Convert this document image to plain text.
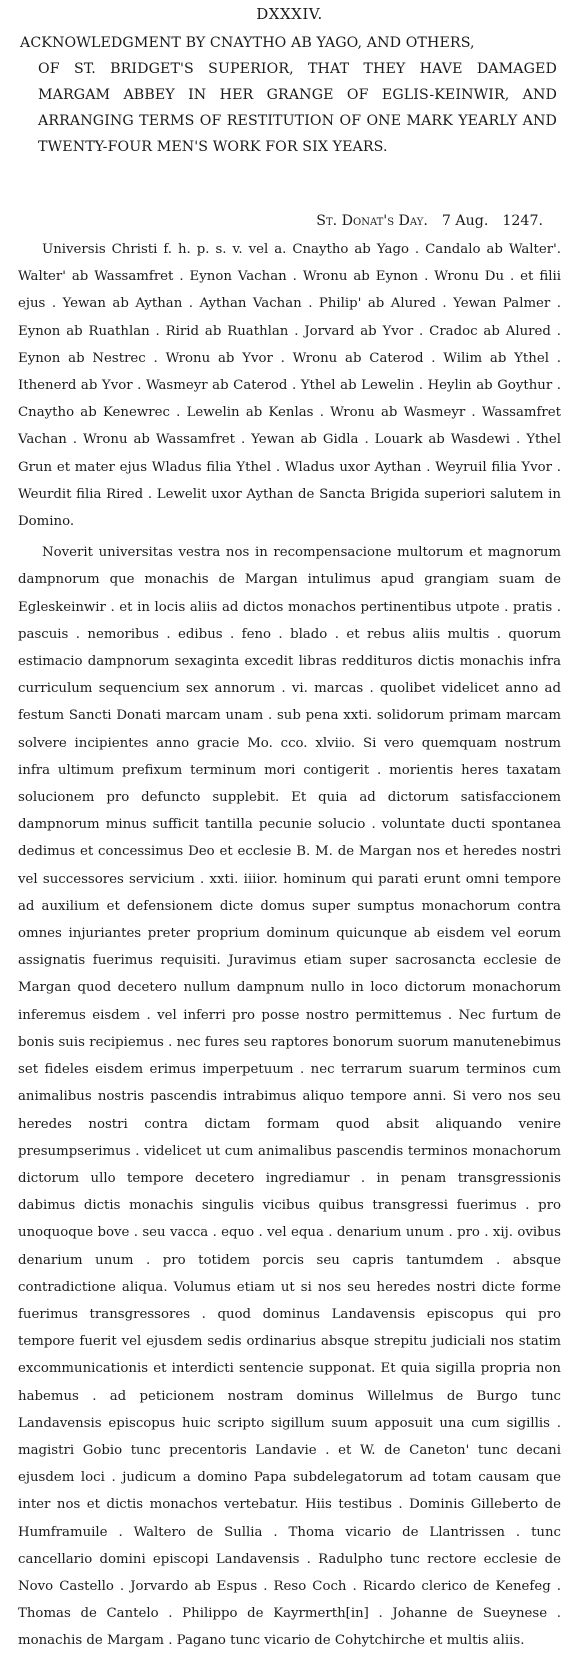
DXXXIV.
ACKNOWLEDGMENT BY CNAYTHO AB YAGO, AND OTHERS,
OF ST. BRIDGET'S SUPERIOR, THAT THEY HAVE DAMAGED MARGAM ABBEY IN HER GRANGE OF EGLIS-KEINWIR, AND ARRANGING TERMS OF RESTITUTION OF ONE MARK YEARLY AND TWENTY-FOUR MEN'S WORK FOR SIX YEARS.
St. Donat's Day. 7 Aug. 1247.

Universis Christi f. h. p. s. v. vel a. Cnaytho ab Yago . Candalo ab Walter'. Walter' ab Wassamfret . Eynon Vachan . Wronu ab Eynon . Wronu Du . et filii ejus . Yewan ab Aythan . Aythan Vachan . Philip' ab Alured . Yewan Palmer . Eynon ab Ruathlan . Ririd ab Ruathlan . Jorvard ab Yvor . Cradoc ab Alured . Eynon ab Nestrec . Wronu ab Yvor . Wronu ab Caterod . Wilim ab Ythel . Ithenerd ab Yvor . Wasmeyr ab Caterod . Ythel ab Lewelin . Heylin ab Goythur . Cnaytho ab Kenewrec . Lewelin ab Kenlas . Wronu ab Wasmeyr . Wassamfret Vachan . Wronu ab Wassamfret . Yewan ab Gidla . Louark ab Wasdewi . Ythel Grun et mater ejus Wladus filia Ythel . Wladus uxor Aythan . Weyruil filia Yvor . Weurdit filia Rired . Lewelit uxor Aythan de Sancta Brigida superiori salutem in Domino.

Noverit universitas vestra nos in recompensacione multorum et magnorum dampnorum que monachis de Margan intulimus apud grangiam suam de Egleskeinwir . et in locis aliis ad dictos monachos pertinentibus utpote . pratis . pascuis . nemoribus . edibus . feno . blado . et rebus aliis multis . quorum estimacio dampnorum sexaginta excedit libras reddituros dictis monachis infra curriculum sequencium sex annorum . vi. marcas . quolibet videlicet anno ad festum Sancti Donati marcam unam . sub pena xxti. solidorum primam marcam solvere incipientes anno gracie Mo. cco. xlviio. Si vero quemquam nostrum infra ultimum prefixum terminum mori contigerit . morientis heres taxatam solucionem pro defuncto supplebit. Et quia ad dictorum satisfaccionem dampnorum minus sufficit tantilla pecunie solucio . voluntate ducti spontanea dedimus et concessimus Deo et ecclesie B. M. de Margan nos et heredes nostri vel successores servicium . xxti. iiiior. hominum qui parati erunt omni tempore ad auxilium et defensionem dicte domus super sumptus monachorum contra omnes injuriantes preter proprium dominum quicunque ab eisdem vel eorum assignatis fuerimus requisiti. Juravimus etiam super sacrosancta ecclesie de Margan quod decetero nullum dampnum nullo in loco dictorum monachorum inferemus eisdem . vel inferri pro posse nostro permittemus . Nec furtum de bonis suis recipiemus . nec fures seu raptores bonorum suorum manutenebimus set fideles eisdem erimus imperpetuum . nec terrarum suarum terminos cum animalibus nostris pascendis intrabimus aliquo tempore anni. Si vero nos seu heredes nostri contra dictam formam quod absit aliquando venire presumpserimus . videlicet ut cum animalibus pascendis terminos monachorum dictorum ullo tempore decetero ingrediamur . in penam transgressionis dabimus dictis monachis singulis vicibus quibus transgressi fuerimus . pro unoquoque bove . seu vacca . equo . vel equa . denarium unum . pro . xij. ovibus denarium unum . pro totidem porcis seu capris tantumdem . absque contradictione aliqua. Volumus etiam ut si nos seu heredes nostri dicte forme fuerimus transgressores . quod dominus Landavensis episcopus qui pro tempore fuerit vel ejusdem sedis ordinarius absque strepitu judiciali nos statim excommunicationis et interdicti sentencie supponat. Et quia sigilla propria non habemus . ad peticionem nostram dominus Willelmus de Burgo tunc Landavensis episcopus huic scripto sigillum suum apposuit una cum sigillis . magistri Gobio tunc precentoris Landavie . et W. de Caneton' tunc decani ejusdem loci . judicum a domino Papa subdelegatorum ad totam causam que inter nos et dictis monachos vertebatur. Hiis testibus . Dominis Gilleberto de Humframuile . Waltero de Sullia . Thoma vicario de Llantrissen . tunc cancellario domini episcopi Landavensis . Radulpho tunc rectore ecclesie de Novo Castello . Jorvardo ab Espus . Reso Coch . Ricardo clerico de Kenefeg . Thomas de Cantelo . Philippo de Kayrmerth[in] . Johanne de Sueynese . monachis de Margam . Pagano tunc vicario de Cohytchirche et multis aliis.
